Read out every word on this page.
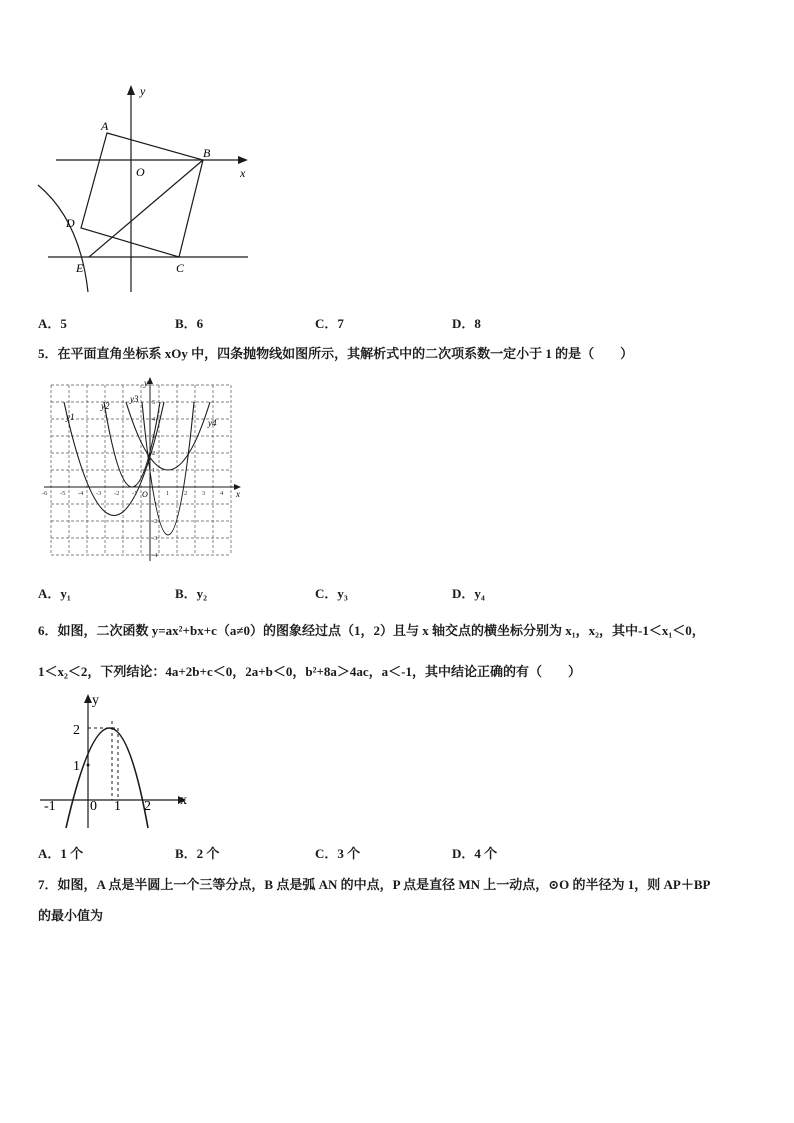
y
x
O
A
B
C
D
E
A．5	B．6	C．7	D．8
5．在平面直角坐标系 xOy 中，四条抛物线如图所示，其解析式中的二次项系数一定小于 1 的是（　　）
y
x
O
y1
y2
y3
y4
-6 -5 -4 -3 -2 -1	1 2 3 4
5
4
3
2
1
-1
-2
-3
-4
A．y₁	B．y₂	C．y₃	D．y₄
6．如图，二次函数 y=ax²+bx+c（a≠0）的图象经过点（1，2）且与 x 轴交点的横坐标分别为 x₁，x₂，其中-1＜x₁＜0，
1＜x₂＜2，下列结论：4a+2b+c＜0，2a+b＜0，b²+8a＞4ac，a＜-1，其中结论正确的有（　　）
y
x
2
1
-1 0 1 2
A．1 个	B．2 个	C．3 个	D．4 个
7．如图，A 点是半圆上一个三等分点，B 点是弧 AN 的中点，P 点是直径 MN 上一动点，⊙O 的半径为 1，则 AP＋BP
的最小值为
